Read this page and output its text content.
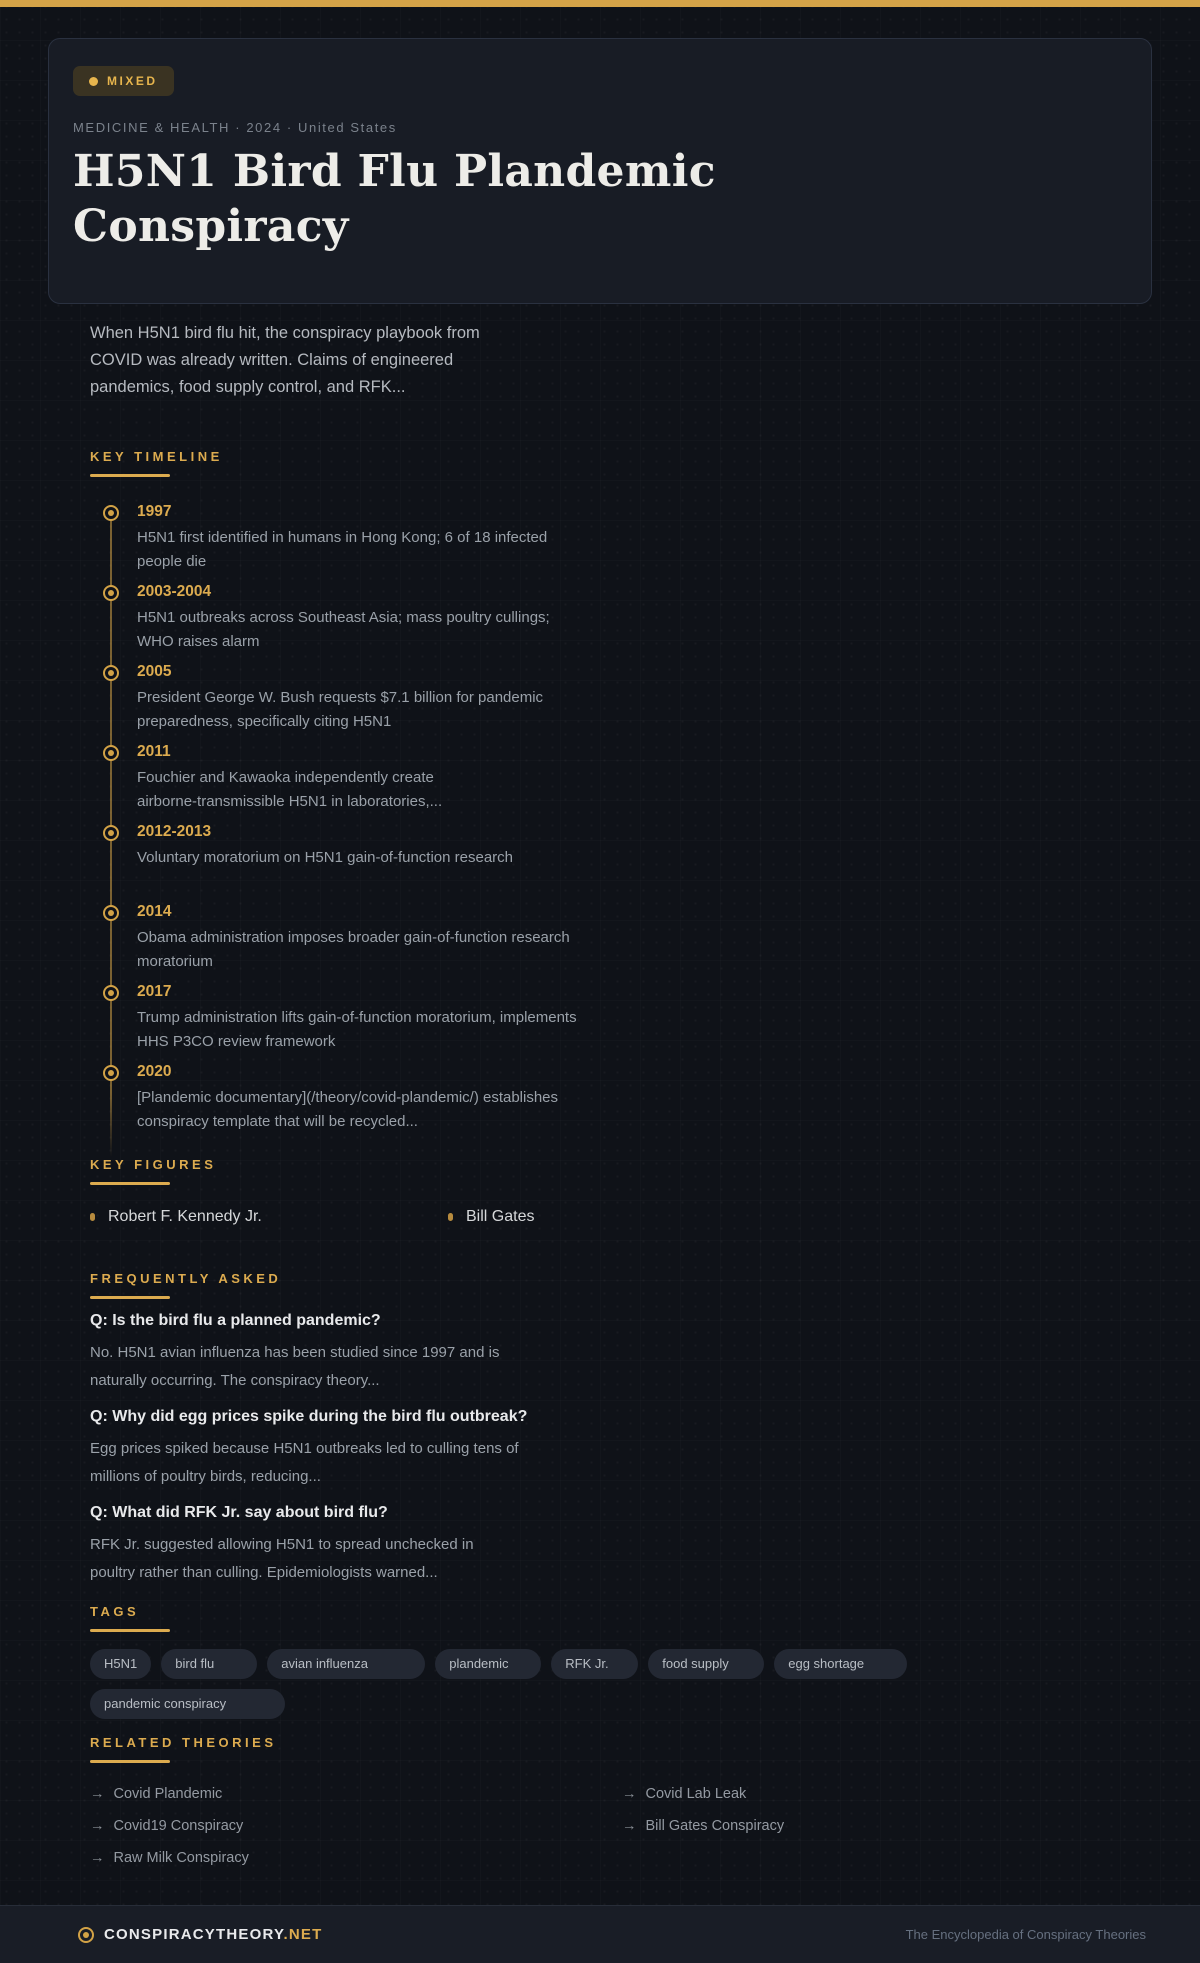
MIXED
MEDICINE & HEALTH · 2024 · United States
H5N1 Bird Flu Plandemic Conspiracy

When H5N1 bird flu hit, the conspiracy playbook from COVID was already written. Claims of engineered pandemics, food supply control, and RFK...

KEY TIMELINE
1997
H5N1 first identified in humans in Hong Kong; 6 of 18 infected people die
2003-2004
H5N1 outbreaks across Southeast Asia; mass poultry cullings; WHO raises alarm
2005
President George W. Bush requests $7.1 billion for pandemic preparedness, specifically citing H5N1
2011
Fouchier and Kawaoka independently create airborne-⁠transmissible H5N1 in laboratories,...
2012-2013
Voluntary moratorium on H5N1 gain-of-function research
2014
Obama administration imposes broader gain-of-function research moratorium
2017
Trump administration lifts gain-of-function moratorium, implements HHS P3CO review framework
2020
[Plandemic documentary](/theory/covid-plandemic/) establishes conspiracy template that will be recycled...
KEY FIGURES
Robert F. Kennedy Jr.	Bill Gates
FREQUENTLY ASKED
Q: Is the bird flu a planned pandemic?

No. H5N1 avian influenza has been studied since 1997 and is naturally occurring. The conspiracy theory...

Q: Why did egg prices spike during the bird flu outbreak?

Egg prices spiked because H5N1 outbreaks led to culling tens of millions of poultry birds, reducing...

Q: What did RFK Jr. say about bird flu?

RFK Jr. suggested allowing H5N1 to spread unchecked in poultry rather than culling. Epidemiologists warned...

TAGS
H5N1	bird flu	avian influenza	plandemic	RFK Jr.	food supply	egg shortage
pandemic conspiracy
RELATED THEORIES
→ Covid Plandemic	→ Covid Lab Leak
→ Covid19 Conspiracy	→ Bill Gates Conspiracy
→ Raw Milk Conspiracy
CONSPIRACYTHEORY.NET	The Encyclopedia of Conspiracy Theories
